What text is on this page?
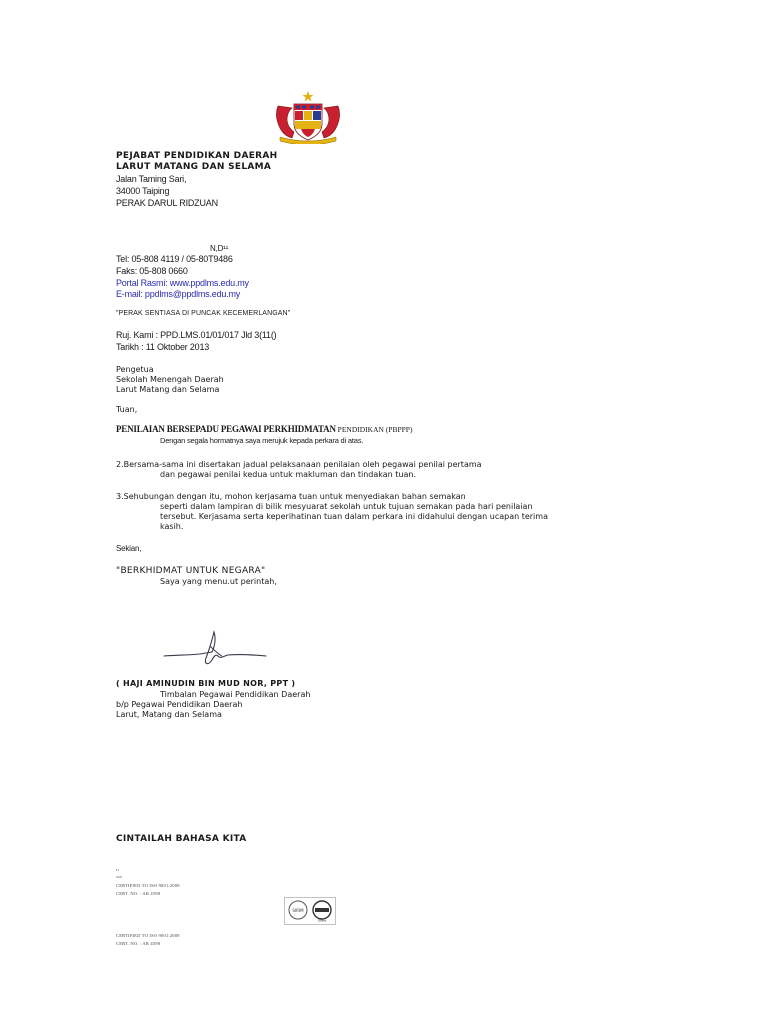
PEJABAT PENDIDIKAN DAERAH
LARUT MATANG DAN SELAMA
Jalan Taming Sari,
34000 Taiping
PERAK DARUL RIDZUAN
N,D¹¹
Tel: 05-808 4119 / 05-80T9486
Faks: 05-808 0660
Portal Rasmi: www.ppdlms.edu.my
E-mail: ppdlms@ppdlms.edu.my
"PERAK SENTIASA DI PUNCAK KECEMERLANGAN"
Ruj. Kami : PPD.LMS.01/01/017 Jld 3(11()
Tarikh : 11 Oktober 2013
Pengetua
Sekolah Menengah Daerah
Larut Matang dan Selama
Tuan,
PENILAIAN BERSEPADU PEGAWAI PERKHIDMATAN PENDIDIKAN (PBPPP)
Dengan segala hormatnya saya merujuk kepada perkara di atas.
2.Bersama-sama ini disertakan jadual pelaksanaan penilaian oleh pegawai penilai pertama
dan pegawai penilai kedua untuk makluman dan tindakan tuan.
3.Sehubungan dengan itu, mohon kerjasama tuan untuk menyediakan bahan semakan
seperti dalam lampiran di bilik mesyuarat sekolah untuk tujuan semakan pada hari penilaian
tersebut. Kerjasama serta keperihatinan tuan dalam perkara ini didahului dengan ucapan terima
kasih.
Sekian,
"BERKHIDMAT UNTUK NEGARA"
Saya yang menu.ut perintah,
( HAJI AMINUDIN BIN MUD NOR, PPT )
Timbalan Pegawai Pendidikan Daerah
b/p Pegawai Pendidikan Daerah
Larut, Matang dan Selama
CINTAILAH BAHASA KITA
¹¹
³³³³
CERTIFIED TO ISO 9001:2008
CERT. NO. : AR 4598
SIRIM
IQNet
CERTIFIED TO ISO 9001:2008
CERT. NO. : AR 4598
